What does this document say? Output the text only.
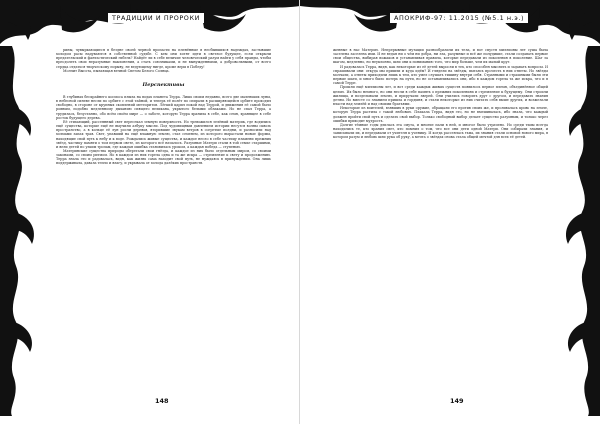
ТРАДИЦИИ И ПРОРОКИ

рины, чувырхающиеся в бездне своей черной пропасти на пленённые в несбывшихся надеждах, застывшие холодом расы надуваются в собственной судьбе. С кем они хотят идти в светлое будущее, если открыли предательский и фантастический гибель? Найдёт ли в себе величие человеческий разум найти у себя правды, чтобы преодолеть свои неразумные наклонения, а стать союзниками, и не вынужденными, а добровольными, от всего сердца отдаться творческому порыву, не ведующему нигде, кроме веры в Победу!

Молчит Высота, пылающая вечной Светом Белого Солнца.

Перспективы

В глубинах бескрайнего космоса плыла на водах планета Терра. Лишь своим недавно, всего две маленьких луны, в небесной синеве несли по орбите с этой тайной, и теперь её полёт по спирали в расширяющейся орбите проходил свободно, в стороне от крупных скоплений метеоритов. Лёгкий царил покой над Террой, и движения её самой было ровным, подобно медленному дыханию спящего великана, укрытого белыми облаками. Но не спал Терра, а трудилась, безустанно, обо всём своём мире — о заботе, которую Терра хранила в себе, как семя, хранящее в себе росток будущего дерева.

Её стихающий, рассеянный свет пересекал земную поверхность. Но тревожился зелёный материк, где водились ещё существа, которые ещё не выучили азбуку мысли. Под чудовищным давлением истории несутся волны сквозь пространство, а в кольце её лун росли деревья, вторившие звукам ветров в согретые полдни, и разносили над холмами запах трав. Свет, упавший на ещё влажную землю, стал семенем, из которого вырастали новые формы, находящие свой путь к небу и к воде. Рождались живые существа, и каждое несло в себе частицу пламени прежних звёзд, частицу памяти о том первом свете, из которого всё началось. Разумные Матери стали в той семье старшими, и вели детей по узким тропам, где каждая ошибка становилась уроком, а каждая победа — ступенью.

Материнские существа природы оберегали свои гнёзда, и каждое из них было отдельным миром, со своими законами, со своим ритмом. Но в каждом из них горела одна и та же искра — стремление к свету и продолжению. Терра знала это и радовалась, видя, как жизнь сама находит свой путь, не нуждаясь в принуждении. Она лишь поддерживала, давала тепло и влагу, и укрывала от холода далёких пространств.

148
АПОКРИФ-97: 11.2015 (№5.1 н.э.)

женные в нас Матерью. Непрерывные мутации разнообразили их тела, и вот спустя миллионы лет суша была заселена заселена ими. И не ведая ни о чём ни добра, ни зла, разумные и всё же полудикие, стали создавать первые свои общества, выбирая вожаков и устанавливая правила, которые передавали из поколения в поколение. Шаг за шагом, медленно, но неуклонно, шли они к пониманию того, что мир больше, чем их малый круг.

И радовалась Терра, видя, как некоторые из её детей выросли в тех, кто способен мыслить и задавать вопросы. И спрашивали они: откуда мы пришли и куда идём? И глядели на звёзды, пытаясь прочесть в них ответы. Но звёзды молчали, а ответы приходили лишь к тем, кто умел слушать тишину внутри себя. Странными и страшными были эти первые шаги, и много было потерь на пути, но не останавливались они, ибо в каждом горела та же искра, что и в самой Терре.

Прошли ещё миллионы лет, и вот среди каждых живых существ появилось первое племя, объединённое общей целью. Их было немного, но они несли в себе память о прежних поколениях и стремление к будущему. Они строили жилища, и возделывали землю, и приручали зверей. Они учились говорить друг с другом, и передавать знания детям. Но вместе со знанием пришла и гордыня, и стали некоторые из них считать себя выше других, и возжелали власти над землёй и над своими братьями.

Некоторые из воителей, взявших в руки оружие, обращали его против своих же, и проливалась кровь на земле, которую Терра растила с такой любовью. Плакала Терра, видя это, но не вмешивалась, ибо знала, что каждый должен пройти свой путь и сделать свой выбор. Только свободный выбор делает существо разумным, и только через ошибки приходит мудрость.

Долгие тёмные годы длилась эта смута, и многие пали в ней, и многое было утрачено. Но среди тьмы всегда находились те, кто хранил свет, кто помнил о том, что все они дети одной Матери. Они собирали знания, и записывали их, и передавали от учителя к ученику. И когда рассеялась тьма, их знания стали основой нового мира, в котором разум и любовь шли рука об руку, а мечта о звёздах снова стала общей мечтой для всех её детей.

149
